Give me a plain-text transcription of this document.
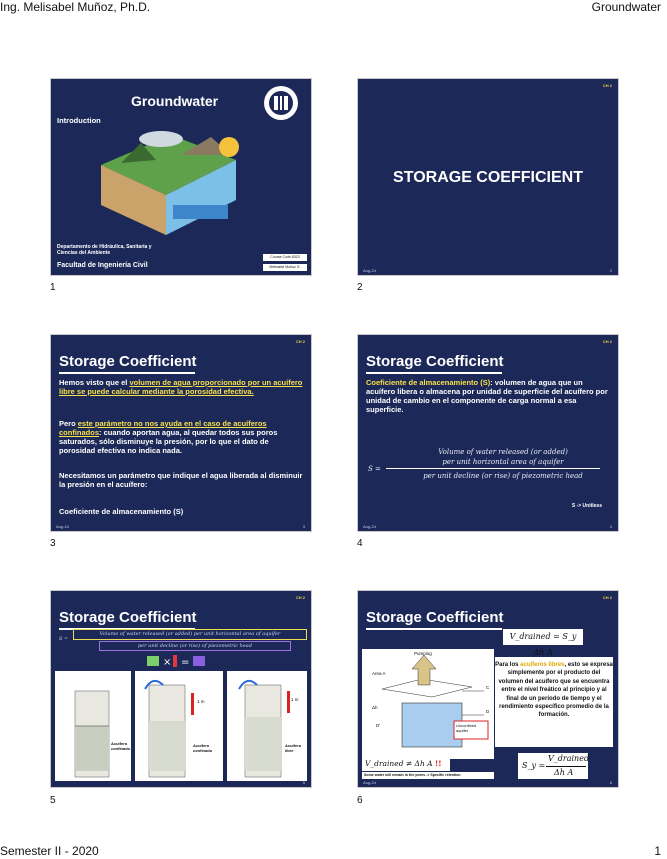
Ing. Melisabel Muñoz, Ph.D.	Groundwater
Groundwater
Introduction
Departamento de Hidráulica, Sanitaria y Ciencias del Ambiente
Facultad de Ingeniería Civil
Course Code 8323
Melisabel Muñoz G.
1
CH 2
STORAGE COEFFICIENT
Aug-24	2
2
CH 2
Storage Coefficient
Hemos visto que el volumen de agua proporcionado por un acuífero libre se puede calcular mediante la porosidad efectiva.
Pero este parámetro no nos ayuda en el caso de acuíferos confinados: cuando aportan agua, al quedar todos sus poros saturados, sólo disminuye la presión, por lo que el dato de porosidad efectiva no indica nada.
Necesitamos un parámetro que indique el agua liberada al disminuir la presión en el acuífero:
Coeficiente de almacenamiento (S)
Aug-24	3
3
CH 2
Storage Coefficient
Coeficiente de almacenamiento (S): volumen de agua que un acuífero libera o almacena por unidad de superficie del acuífero por unidad de cambio en el componente de carga normal a esa superficie.
S =
Volume of water released (or added)
per unit horizontal area of aquifer
per unit decline (or rise) of piezometric head
S -> Unitless
Aug-24	4
4
CH 2
Storage Coefficient
S =
Volume of water released (or added) per unit horizontal area of aquifer
per unit decline (or rise) of piezometric head
× =
Acuífero confinado
1 m
Acuífero confinado
1 m
Acuífero libre
5
5
CH 2
Storage Coefficient
V_drained = S_y Δh A
Pumping
Area A
Δh
C
D
D'	Unconfined aquifer
Para los acuíferos libres, esto se expresa simplemente por el producto del volumen del acuífero que se encuentra entre el nivel freático al principio y al final de un período de tiempo y el rendimiento específico promedio de la formación.
V_drained ≠ Δh A !!
Some water will remain in the pores -> Specific retention
S_y =
V_drained
Δh A
Aug-24	6
6
Semester II - 2020	1
